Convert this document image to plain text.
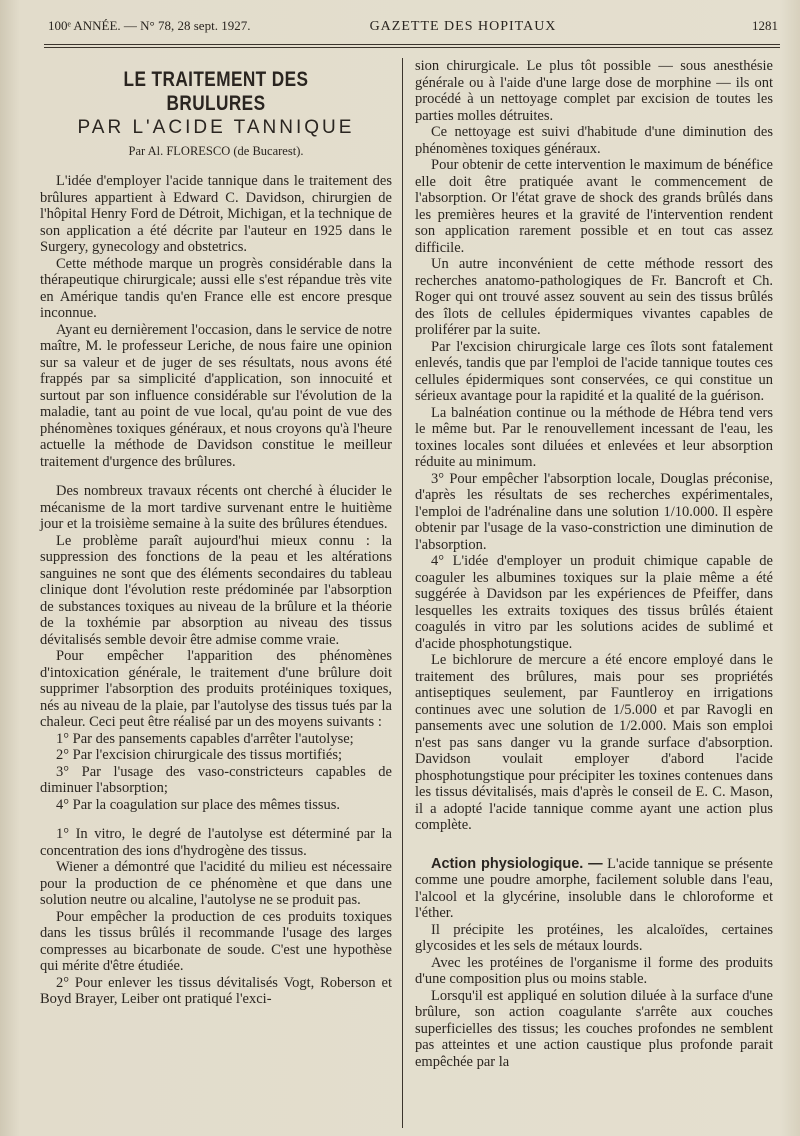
100ᵉ ANNÉE. — N° 78, 28 sept. 1927.	GAZETTE DES HOPITAUX	1281
LE TRAITEMENT DES BRULURES
PAR L'ACIDE TANNIQUE
Par Al. FLORESCO (de Bucarest).

L'idée d'employer l'acide tannique dans le traitement des brûlures appartient à Edward C. Davidson, chirurgien de l'hôpital Henry Ford de Détroit, Michigan, et la technique de son application a été décrite par l'auteur en 1925 dans le Surgery, gynecology and obstetrics.

Cette méthode marque un progrès considérable dans la thérapeutique chirurgicale; aussi elle s'est répandue très vite en Amérique tandis qu'en France elle est encore presque inconnue.

Ayant eu dernièrement l'occasion, dans le service de notre maître, M. le professeur Leriche, de nous faire une opinion sur sa valeur et de juger de ses résultats, nous avons été frappés par sa simplicité d'application, son innocuité et surtout par son influence considérable sur l'évolution de la maladie, tant au point de vue local, qu'au point de vue des phénomènes toxiques généraux, et nous croyons qu'à l'heure actuelle la méthode de Davidson constitue le meilleur traitement d'urgence des brûlures.

Des nombreux travaux récents ont cherché à élucider le mécanisme de la mort tardive survenant entre le huitième jour et la troisième semaine à la suite des brûlures étendues.

Le problème paraît aujourd'hui mieux connu : la suppression des fonctions de la peau et les altérations sanguines ne sont que des éléments secondaires du tableau clinique dont l'évolution reste prédominée par l'absorption de substances toxiques au niveau de la brûlure et la théorie de la toxhémie par absorption au niveau des tissus dévitalisés semble devoir être admise comme vraie.

Pour empêcher l'apparition des phénomènes d'intoxication générale, le traitement d'une brûlure doit supprimer l'absorption des produits protéiniques toxiques, nés au niveau de la plaie, par l'autolyse des tissus tués par la chaleur. Ceci peut être réalisé par un des moyens suivants :

1° Par des pansements capables d'arrêter l'autolyse;

2° Par l'excision chirurgicale des tissus mortifiés;

3° Par l'usage des vaso-constricteurs capables de diminuer l'absorption;

4° Par la coagulation sur place des mêmes tissus.

1° In vitro, le degré de l'autolyse est déterminé par la concentration des ions d'hydrogène des tissus.

Wiener a démontré que l'acidité du milieu est nécessaire pour la production de ce phénomène et que dans une solution neutre ou alcaline, l'autolyse ne se produit pas.

Pour empêcher la production de ces produits toxiques dans les tissus brûlés il recommande l'usage des larges compresses au bicarbonate de soude. C'est une hypothèse qui mérite d'être étudiée.

2° Pour enlever les tissus dévitalisés Vogt, Roberson et Boyd Brayer, Leiber ont pratiqué l'exci-

sion chirurgicale. Le plus tôt possible — sous anesthésie générale ou à l'aide d'une large dose de morphine — ils ont procédé à un nettoyage complet par excision de toutes les parties molles détruites.

Ce nettoyage est suivi d'habitude d'une diminution des phénomènes toxiques généraux.

Pour obtenir de cette intervention le maximum de bénéfice elle doit être pratiquée avant le commencement de l'absorption. Or l'état grave de shock des grands brûlés dans les premières heures et la gravité de l'intervention rendent son application rarement possible et en tout cas assez difficile.

Un autre inconvénient de cette méthode ressort des recherches anatomo-pathologiques de Fr. Bancroft et Ch. Roger qui ont trouvé assez souvent au sein des tissus brûlés des îlots de cellules épidermiques vivantes capables de proliférer par la suite.

Par l'excision chirurgicale large ces îlots sont fatalement enlevés, tandis que par l'emploi de l'acide tannique toutes ces cellules épidermiques sont conservées, ce qui constitue un sérieux avantage pour la rapidité et la qualité de la guérison.

La balnéation continue ou la méthode de Hébra tend vers le même but. Par le renouvellement incessant de l'eau, les toxines locales sont diluées et enlevées et leur absorption réduite au minimum.

3° Pour empêcher l'absorption locale, Douglas préconise, d'après les résultats de ses recherches expérimentales, l'emploi de l'adrénaline dans une solution 1/10.000. Il espère obtenir par l'usage de la vaso-constriction une diminution de l'absorption.

4° L'idée d'employer un produit chimique capable de coaguler les albumines toxiques sur la plaie même a été suggérée à Davidson par les expériences de Pfeiffer, dans lesquelles les extraits toxiques des tissus brûlés étaient coagulés in vitro par les solutions acides de sublimé et d'acide phosphotungstique.

Le bichlorure de mercure a été encore employé dans le traitement des brûlures, mais pour ses propriétés antiseptiques seulement, par Fauntleroy en irrigations continues avec une solution de 1/5.000 et par Ravogli en pansements avec une solution de 1/2.000. Mais son emploi n'est pas sans danger vu la grande surface d'absorption. Davidson voulait employer d'abord l'acide phosphotungstique pour précipiter les toxines contenues dans les tissus dévitalisés, mais d'après le conseil de E. C. Mason, il a adopté l'acide tannique comme ayant une action plus complète.

Action physiologique. — L'acide tannique se présente comme une poudre amorphe, facilement soluble dans l'eau, l'alcool et la glycérine, insoluble dans le chloroforme et l'éther.

Il précipite les protéines, les alcaloïdes, certaines glycosides et les sels de métaux lourds.

Avec les protéines de l'organisme il forme des produits d'une composition plus ou moins stable.

Lorsqu'il est appliqué en solution diluée à la surface d'une brûlure, son action coagulante s'arrête aux couches superficielles des tissus; les couches profondes ne semblent pas atteintes et une action caustique plus profonde parait empêchée par la
